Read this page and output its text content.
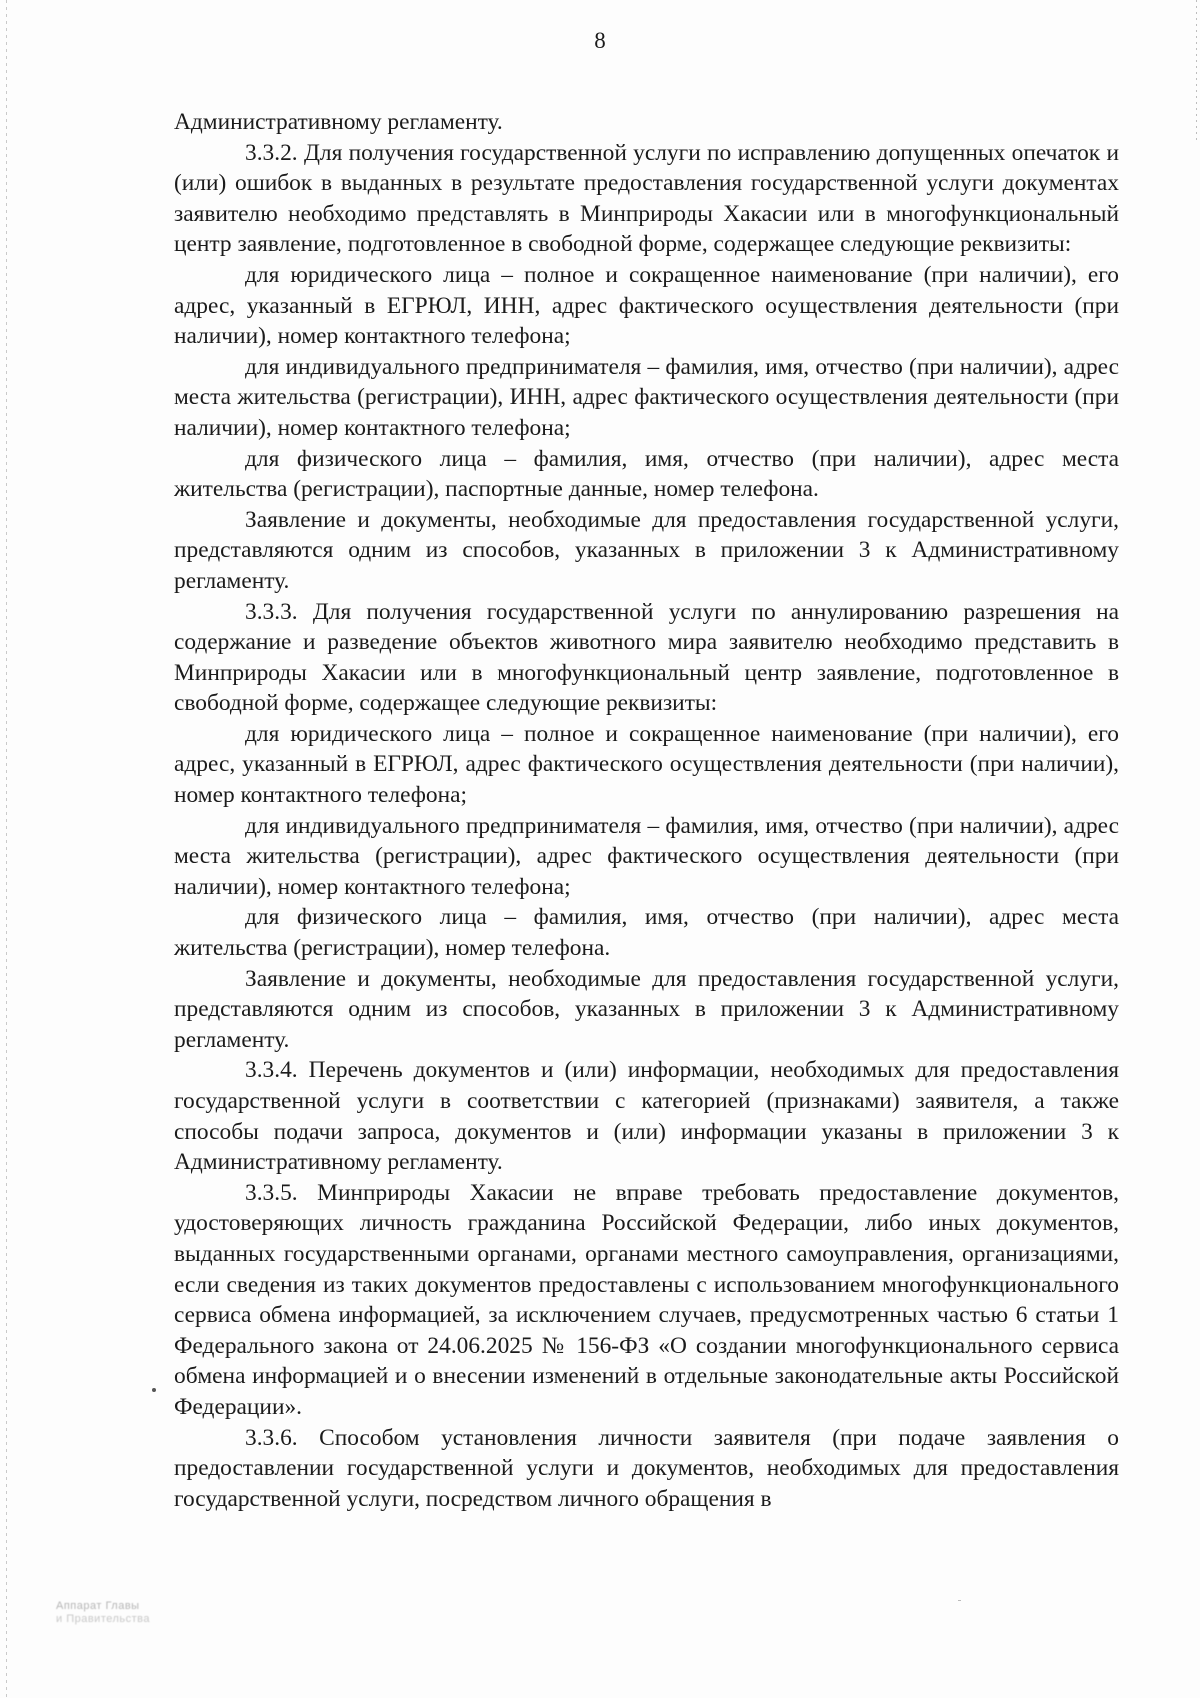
8

Административному регламенту.

3.3.2. Для получения государственной услуги по исправлению допущенных опечаток и (или) ошибок в выданных в результате предоставления государственной услуги документах заявителю необходимо представлять в Минприроды Хакасии или в многофункциональный центр заявление, подготовленное в свободной форме, содержащее следующие реквизиты:

для юридического лица – полное и сокращенное наименование (при наличии), его адрес, указанный в ЕГРЮЛ, ИНН, адрес фактического осуществления деятельности (при наличии), номер контактного телефона;

для индивидуального предпринимателя – фамилия, имя, отчество (при наличии), адрес места жительства (регистрации), ИНН, адрес фактического осуществления деятельности (при наличии), номер контактного телефона;

для физического лица – фамилия, имя, отчество (при наличии), адрес места жительства (регистрации), паспортные данные, номер телефона.

Заявление и документы, необходимые для предоставления государственной услуги, представляются одним из способов, указанных в приложении 3 к Административному регламенту.

3.3.3. Для получения государственной услуги по аннулированию разрешения на содержание и разведение объектов животного мира заявителю необходимо представить в Минприроды Хакасии или в многофункциональный центр заявление, подготовленное в свободной форме, содержащее следующие реквизиты:

для юридического лица – полное и сокращенное наименование (при наличии), его адрес, указанный в ЕГРЮЛ, адрес фактического осуществления деятельности (при наличии), номер контактного телефона;

для индивидуального предпринимателя – фамилия, имя, отчество (при наличии), адрес места жительства (регистрации), адрес фактического осуществления деятельности (при наличии), номер контактного телефона;

для физического лица – фамилия, имя, отчество (при наличии), адрес места жительства (регистрации), номер телефона.

Заявление и документы, необходимые для предоставления государственной услуги, представляются одним из способов, указанных в приложении 3 к Административному регламенту.

3.3.4. Перечень документов и (или) информации, необходимых для предоставления государственной услуги в соответствии с категорией (признаками) заявителя, а также способы подачи запроса, документов и (или) информации указаны в приложении 3 к Административному регламенту.

3.3.5. Минприроды Хакасии не вправе требовать предоставление документов, удостоверяющих личность гражданина Российской Федерации, либо иных документов, выданных государственными органами, органами местного самоуправления, организациями, если сведения из таких документов предоставлены с использованием многофункционального сервиса обмена информацией, за исключением случаев, предусмотренных частью 6 статьи 1 Федерального закона от 24.06.2025 № 156-ФЗ «О создании многофункционального сервиса обмена информацией и о внесении изменений в отдельные законодательные акты Российской Федерации».

3.3.6. Способом установления личности заявителя (при подаче заявления о предоставлении государственной услуги и документов, необходимых для предоставления государственной услуги, посредством личного обращения в

Аппарат Главы
и Правительства
